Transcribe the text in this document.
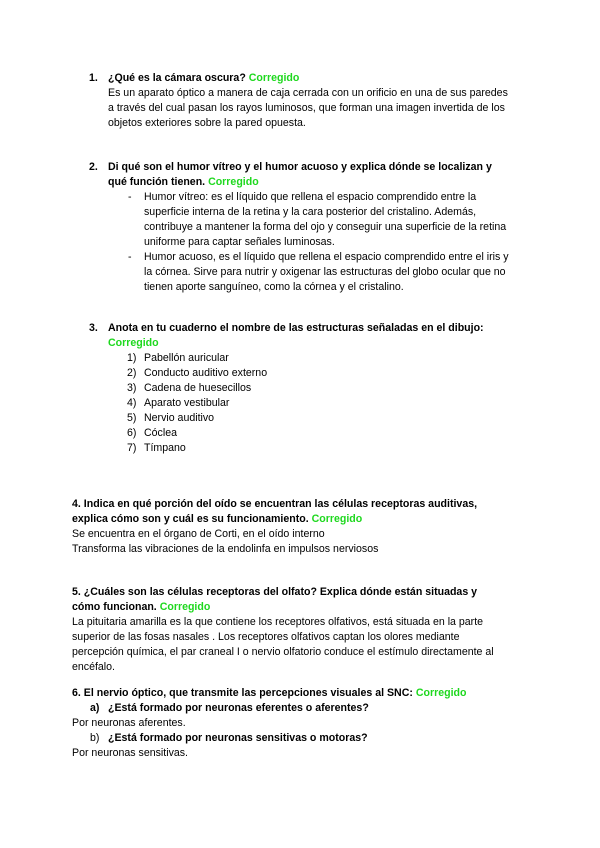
1. ¿Qué es la cámara oscura? Corregido
Es un aparato óptico a manera de caja cerrada con un orificio en una de sus paredes
a través del cual pasan los rayos luminosos, que forman una imagen invertida de los
objetos exteriores sobre la pared opuesta.
2. Di qué son el humor vítreo y el humor acuoso y explica dónde se localizan y
qué función tienen. Corregido
- Humor vítreo: es el líquido que rellena el espacio comprendido entre la
superficie interna de la retina y la cara posterior del cristalino. Además,
contribuye a mantener la forma del ojo y conseguir una superficie de la retina
uniforme para captar señales luminosas.
- Humor acuoso, es el líquido que rellena el espacio comprendido entre el iris y
la córnea. Sirve para nutrir y oxigenar las estructuras del globo ocular que no
tienen aporte sanguíneo, como la córnea y el cristalino.
3. Anota en tu cuaderno el nombre de las estructuras señaladas en el dibujo:
Corregido
1) Pabellón auricular
2) Conducto auditivo externo
3) Cadena de huesecillos
4) Aparato vestibular
5) Nervio auditivo
6) Cóclea
7) Tímpano
4. Indica en qué porción del oído se encuentran las células receptoras auditivas,
explica cómo son y cuál es su funcionamiento. Corregido
Se encuentra en el órgano de Corti, en el oído interno
Transforma las vibraciones de la endolinfa en impulsos nerviosos
5. ¿Cuáles son las células receptoras del olfato? Explica dónde están situadas y
cómo funcionan. Corregido
La pituitaria amarilla es la que contiene los receptores olfativos, está situada en la parte
superior de las fosas nasales . Los receptores olfativos captan los olores mediante
percepción química, el par craneal I o nervio olfatorio conduce el estímulo directamente al
encéfalo.
6. El nervio óptico, que transmite las percepciones visuales al SNC: Corregido
a) ¿Está formado por neuronas eferentes o aferentes?
Por neuronas aferentes.
b) ¿Está formado por neuronas sensitivas o motoras?
Por neuronas sensitivas.
